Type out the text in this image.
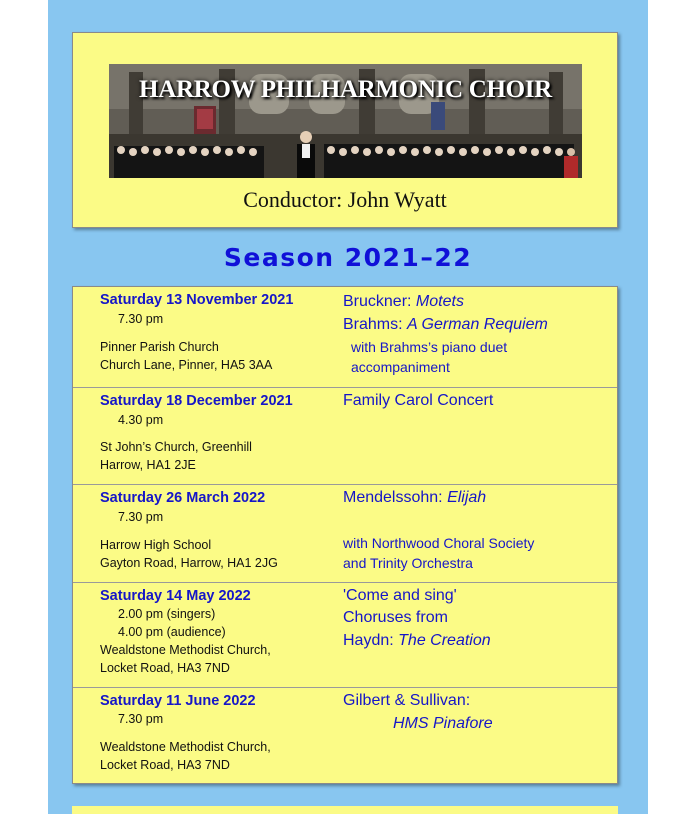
HARROW PHILHARMONIC CHOIR
Conductor: John Wyatt
Season 2021–22
Saturday 13 November 2021
7.30 pm
Pinner Parish Church
Church Lane, Pinner, HA5 3AA
Bruckner: Motets
Brahms: A German Requiem
with Brahms’s piano duet
accompaniment
Saturday 18 December 2021
4.30 pm
St John’s Church, Greenhill
Harrow, HA1 2JE
Family Carol Concert
Saturday 26 March 2022
7.30 pm
Harrow High School
Gayton Road, Harrow, HA1 2JG
Mendelssohn: Elijah
with Northwood Choral Society
and Trinity Orchestra
Saturday 14 May 2022
2.00 pm (singers)
4.00 pm (audience)
Wealdstone Methodist Church,
Locket Road, HA3 7ND
'Come and sing'
Choruses from
Haydn: The Creation
Saturday 11 June 2022
7.30 pm
Wealdstone Methodist Church,
Locket Road, HA3 7ND
Gilbert & Sullivan:
HMS Pinafore
